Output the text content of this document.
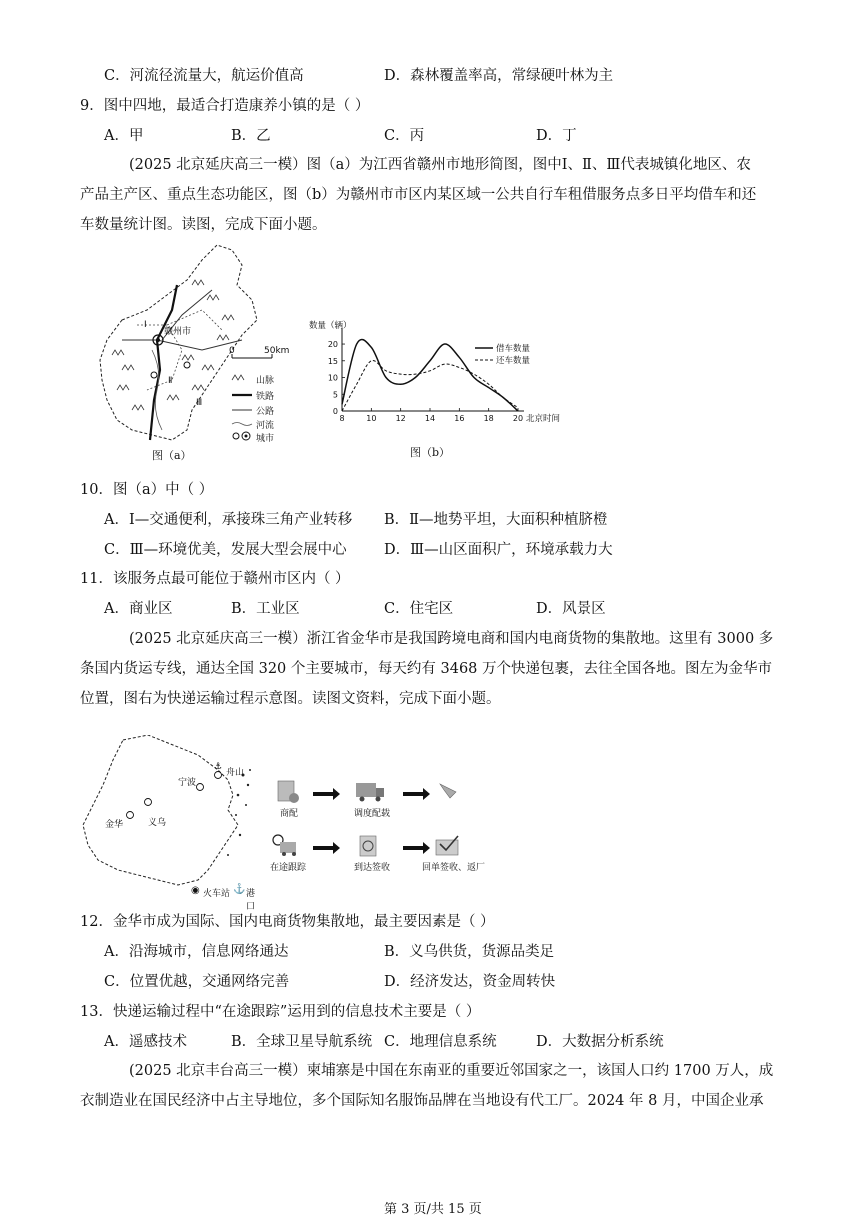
C．河流径流量大，航运价值高	D．森林覆盖率高，常绿硬叶林为主
9．图中四地，最适合打造康养小镇的是（ ）
A．甲	B．乙	C．丙	D．丁
(2025 北京延庆高三一模）图（a）为江西省赣州市地形简图，图中Ⅰ、Ⅱ、Ⅲ代表城镇化地区、农
产品主产区、重点生态功能区，图（b）为赣州市市区内某区域一公共自行车租借服务点多日平均借车和还
车数量统计图。读图，完成下面小题。
赣州市
Ⅰ
Ⅱ
Ⅲ
0	50km
山脉
铁路
公路
河流
城市
图（a）
0
5
10
15
20
8	10 12 14 16 18 20
数量（辆）
北京时间
借车数量
还车数量
图（b）
10．图（a）中（ ）
A．Ⅰ—交通便利，承接珠三角产业转移 B．Ⅱ—地势平坦，大面积种植脐橙
C．Ⅲ—环境优美，发展大型会展中心	D．Ⅲ—山区面积广，环境承载力大
11．该服务点最可能位于赣州市区内（ ）
A．商业区	B．工业区	C．住宅区	D．风景区
(2025 北京延庆高三一模）浙江省金华市是我国跨境电商和国内电商货物的集散地。这里有 3000 多
条国内货运专线，通达全国 320 个主要城市，每天约有 3468 万个快递包裹，去往全国各地。图左为金华市
位置，图右为快递运输过程示意图。读图文资料，完成下面小题。
⚓
宁波
舟山
金华	义乌
◉ 火车站 ⚓ 港口
商配	调度配载
在途跟踪	到达签收	回单签收、返厂
12．金华市成为国际、国内电商货物集散地，最主要因素是（ ）
A．沿海城市，信息网络通达	B．义乌供货，货源品类足
C．位置优越，交通网络完善	D．经济发达，资金周转快
13．快递运输过程中“在途跟踪”运用到的信息技术主要是（ ）
A．遥感技术	B．全球卫星导航系统 C．地理信息系统	D．大数据分析系统
(2025 北京丰台高三一模）柬埔寨是中国在东南亚的重要近邻国家之一，该国人口约 1700 万人，成
衣制造业在国民经济中占主导地位，多个国际知名服饰品牌在当地设有代工厂。2024 年 8 月，中国企业承
第 3 页/共 15 页
